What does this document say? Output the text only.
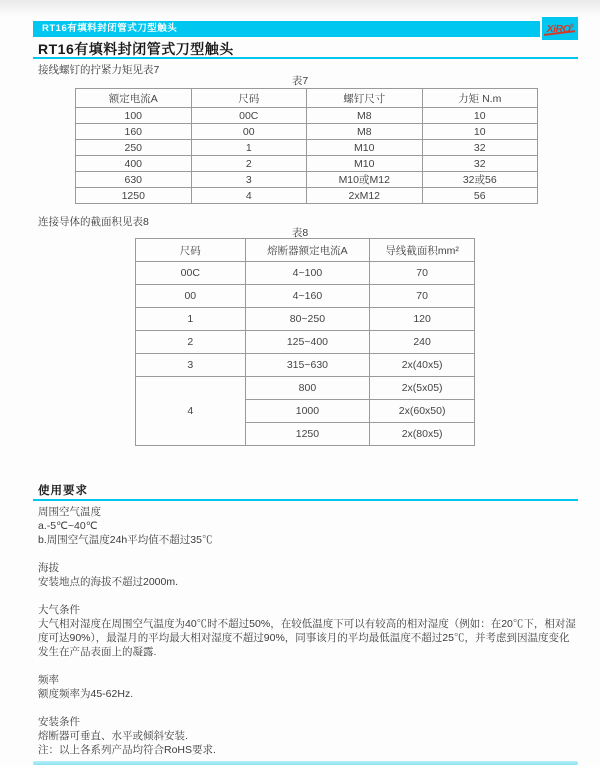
RT16有填料封闭管式刀型触头	XiRO®
RT16有填料封闭管式刀型触头
接线螺钉的拧紧力矩见表7
表7
额定电流A	尺码	螺钉尺寸	力矩 N.m
100	00C	M8	10
160	00	M8	10
250	1	M10	32
400	2	M10	32
630	3	M10或M12	32或56
1250	4	2xM12	56
连接导体的截面积见表8
表8
尺码	熔断器额定电流A	导线截面积mm²
00C	4~100	70
00	4~160	70
1	80~250	120
2	125~400	240
3	315~630	2x(40x5)
4	800	2x(5x05)
	1000	2x(60x50)
	1250	2x(80x5)
使用要求
周围空气温度
a.-5℃~40℃
b.周围空气温度24h平均值不超过35℃
海拔
安装地点的海拔不超过2000m.
大气条件
大气相对湿度在周围空气温度为40℃时不超过50%，在较低温度下可以有较高的相对湿度（例如：在20℃下，相对湿度可达90%），最湿月的平均最大相对湿度不超过90%，同事该月的平均最低温度不超过25℃，并考虑到因温度变化发生在产品表面上的凝露.
频率
额度频率为45-62Hz.
安装条件
熔断器可垂直、水平或倾斜安装.
注：以上各系列产品均符合RoHS要求.
